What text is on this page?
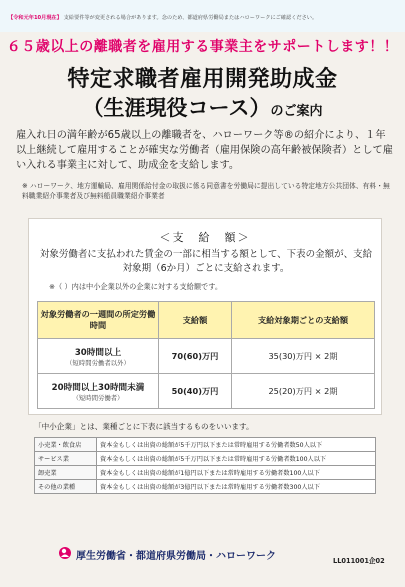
【令和元年10月現在】 支給要件等が変更される場合があります。念のため、都道府県労働局またはハローワークにご確認ください。
６５歳以上の離職者を雇用する事業主をサポートします！！
特定求職者雇用開発助成金
（生涯現役コース）のご案内
雇入れ日の満年齢が65歳以上の離職者を、ハローワーク等®の紹介により、１年以上継続して雇用することが確実な労働者（雇用保険の高年齢被保険者）として雇い入れる事業主に対して、助成金を支給します。
※ ハローワーク、地方運輸局、雇用関係給付金の取扱に係る同意書を労働局に提出している特定地方公共団体、有料・無料職業紹介事業者及び無料船員職業紹介事業者
＜支　給　額＞
対象労働者に支払われた賃金の一部に相当する額として、下表の金額が、支給対象期（6か月）ごとに支給されます。
※（ ）内は中小企業以外の企業に対する支給額です。
対象労働者の一週間の所定労働時間	支給額	支給対象期ごとの支給額

30時間以上
（短時間労働者以外）	70(60)万円	35(30)万円 × 2期

20時間以上30時間未満
（短時間労働者）	50(40)万円	25(20)万円 × 2期
「中小企業」とは、業種ごとに下表に該当するものをいいます。
小売業・飲食店	資本金もしくは出資の総額が5千万円以下または常時雇用する労働者数50人以下
サービス業	資本金もしくは出資の総額が5千万円以下または常時雇用する労働者数100人以下
卸売業	資本金もしくは出資の総額が1億円以下または常時雇用する労働者数100人以下
その他の業種	資本金もしくは出資の総額が3億円以下または常時雇用する労働者数300人以下
厚生労働省・都道府県労働局・ハローワーク	LL011001企02
